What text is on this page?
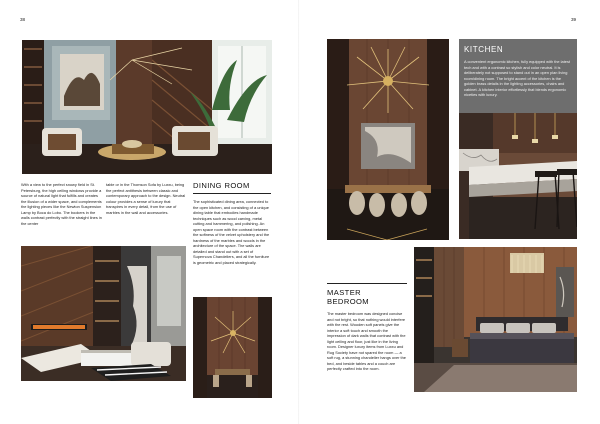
38

With a view to the perfect snowy field in St. Petersburg, the high ceiling windows provide a source of natural light that fulfills and creates the illusion of a wider space, and complements the lighting pieces like the Newton Suspension Lamp by Boca do Lobo. The bookers in the walls contrast perfectly with the straight lines in the center

table or in the Thomson Sofa by Luxxu, being the perfect antithesis between classic and contemporary approach to the design. Neutral colour provides a sense of luxury that transpires in every detail, from the use of marbles in the wall and accessories.

DINING ROOM

The sophisticated dining area, connected to the open kitchen, and consisting of a unique dining table that embodies handmade techniques such as wood carving, metal cutting and hammering, and polishing. An open space room with the contrast between the softness of the velvet upholstery and the hardness of the marbles and woods in the architecture of the space. The walls are detailed and stand out with a set of Supernova Chandeliers, and all the furniture is geometric and placed strategically.

39
KITCHEN
A convenient ergonomic kitchen, fully equipped with the latest tech and with a contrast so stylish and color neutral. It is deliberately not supposed to stand out in an open plan living room/dining room. The bright accent of the kitchen is the golden brass details in the lighting accessories, chairs and cabinet. A kitchen interior effortlessly that blends ergonomic niceties with luxury.
MASTER
BEDROOM

The master bedroom was designed concise and not bright, so that nothing would interfere with the rest. Wooden soft panels give the interior a soft touch and smooth the impression of dark walls that contrast with the light ceiling and floor, just like in the living room. Designer luxury items from Luxxu and Rug Society have not spared the room — a soft rug, a stunning chandelier hangs over the bed, and beside tables and a couch are perfectly crafted into the room.
